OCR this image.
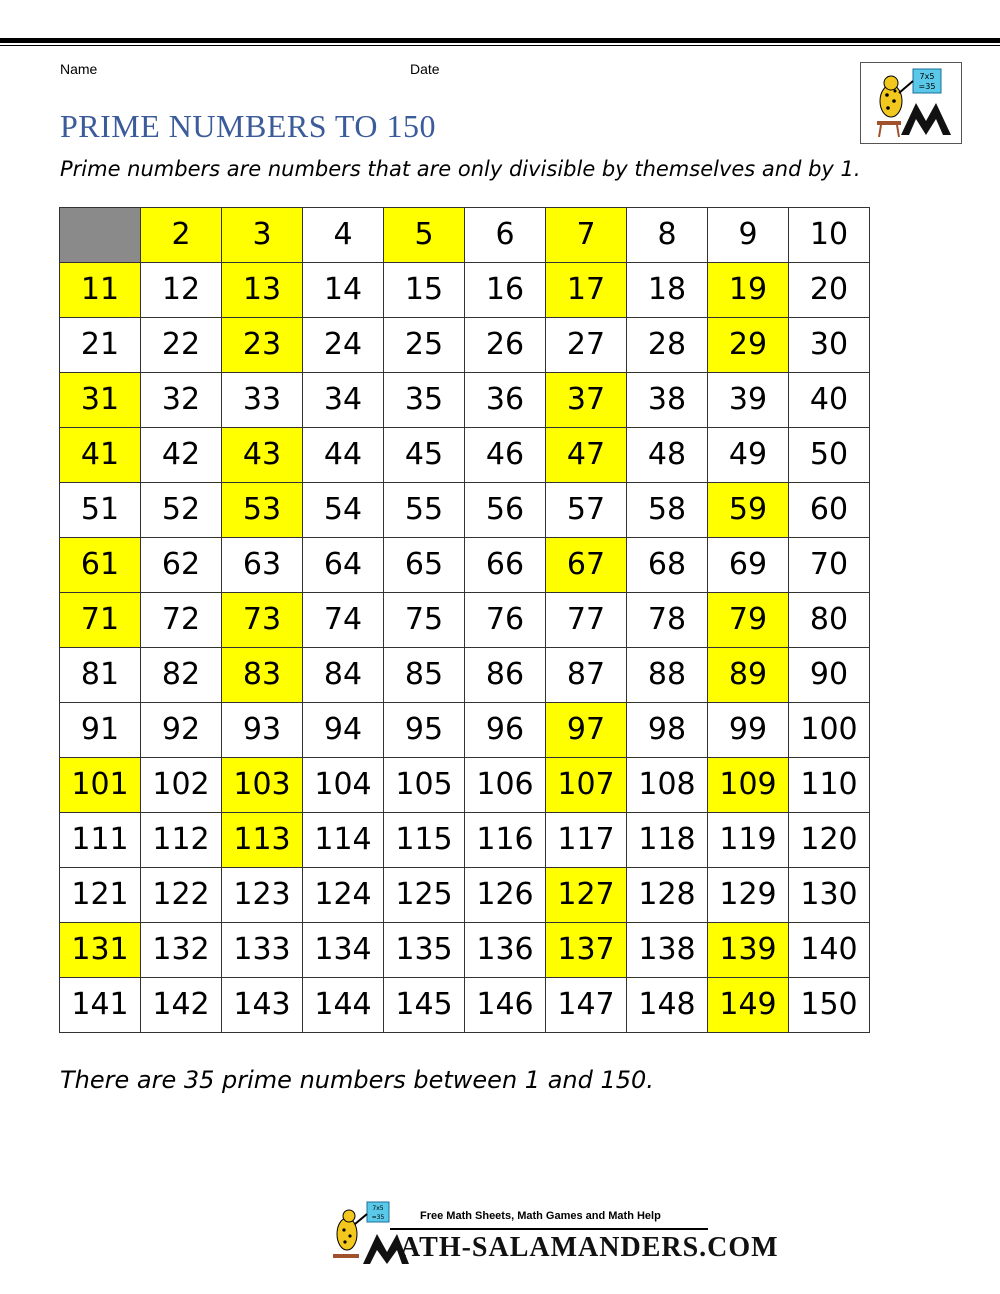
Name	Date	7x5
=35
PRIME NUMBERS TO 150
Prime numbers are numbers that are only divisible by themselves and by 1.
	2	3	4	5	6	7	8	9	10
11	12	13	14	15	16	17	18	19	20
21	22	23	24	25	26	27	28	29	30
31	32	33	34	35	36	37	38	39	40
41	42	43	44	45	46	47	48	49	50
51	52	53	54	55	56	57	58	59	60
61	62	63	64	65	66	67	68	69	70
71	72	73	74	75	76	77	78	79	80
81	82	83	84	85	86	87	88	89	90
91	92	93	94	95	96	97	98	99	100
101	102	103	104	105	106	107	108	109	110
111	112	113	114	115	116	117	118	119	120
121	122	123	124	125	126	127	128	129	130
131	132	133	134	135	136	137	138	139	140
141	142	143	144	145	146	147	148	149	150
There are 35 prime numbers between 1 and 150.
7x5
=35	Free Math Sheets, Math Games and Math Help
ATH-SALAMANDERS.COM
